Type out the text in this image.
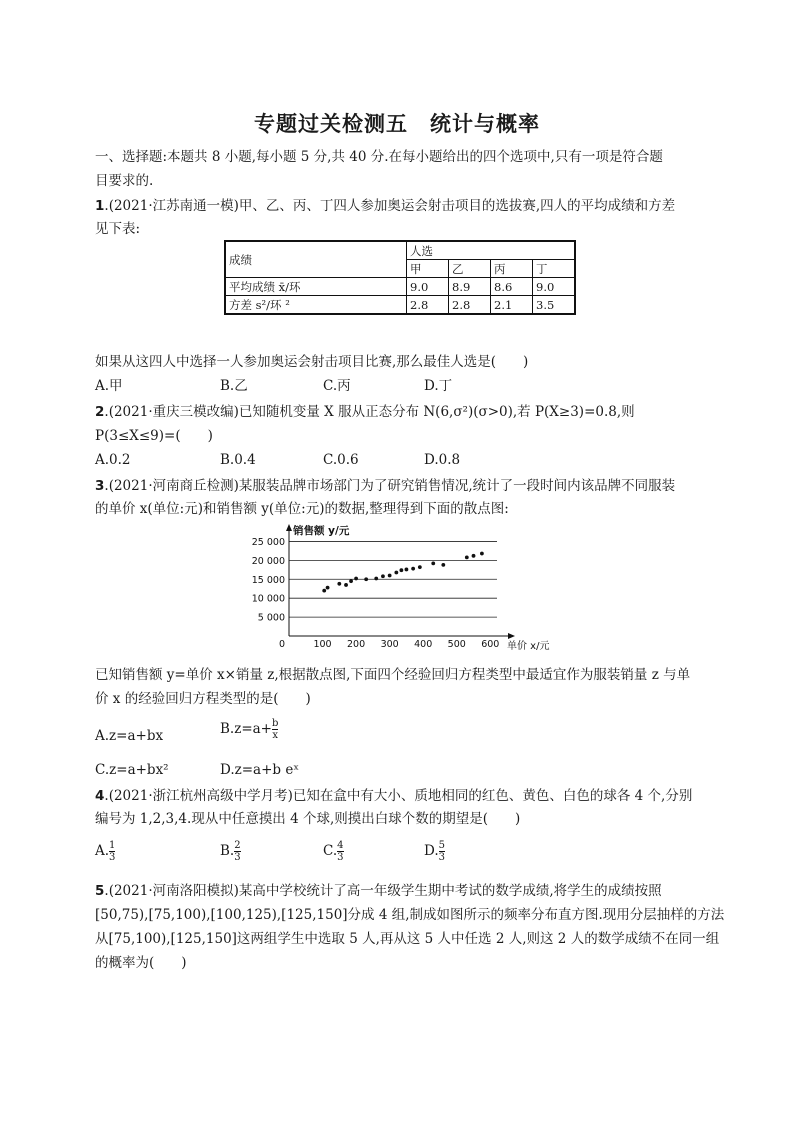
专题过关检测五　统计与概率
一、选择题:本题共 8 小题,每小题 5 分,共 40 分.在每小题给出的四个选项中,只有一项是符合题
目要求的.
1.(2021·江苏南通一模)甲、乙、丙、丁四人参加奥运会射击项目的选拔赛,四人的平均成绩和方差
见下表:
成绩	人选			
	甲	乙	丙	丁
平均成绩 x̄/环	9.0	8.9	8.6	9.0
方差 s²/环 ²	2.8	2.8	2.1	3.5
如果从这四人中选择一人参加奥运会射击项目比赛,那么最佳人选是(　　)
A.甲	B.乙	C.丙	D.丁
2.(2021·重庆三模改编)已知随机变量 X 服从正态分布 N(6,σ²)(σ>0),若 P(X≥3)=0.8,则
P(3≤X≤9)=(　　)
A.0.2	B.0.4	C.0.6	D.0.8
3.(2021·河南商丘检测)某服装品牌市场部门为了研究销售情况,统计了一段时间内该品牌不同服装
的单价 x(单位:元)和销售额 y(单位:元)的数据,整理得到下面的散点图:
5 000
10 000
15 000
20 000
25 000
0	100 200 300 400 500 600
销售额 y/元
单价 x/元
已知销售额 y=单价 x×销量 z,根据散点图,下面四个经验回归方程类型中最适宜作为服装销量 z 与单
价 x 的经验回归方程类型的是(　　)
A.z=a+bx	$B.z=a+ \frac{b}{x}$
C.z=a+bx²	D.z=a+b eˣ
4.(2021·浙江杭州高级中学月考)已知在盒中有大小、质地相同的红色、黄色、白色的球各 4 个,分别
编号为 1,2,3,4.现从中任意摸出 4 个球,则摸出白球个数的期望是(　　)
A. $\frac{1}{3}$	B. $\frac{2}{3}$	C. $\frac{4}{3}$	D. $\frac{5}{3}$
5.(2021·河南洛阳模拟)某高中学校统计了高一年级学生期中考试的数学成绩,将学生的成绩按照
[50,75),[75,100),[100,125),[125,150]分成 4 组,制成如图所示的频率分布直方图.现用分层抽样的方法
从[75,100),[125,150]这两组学生中选取 5 人,再从这 5 人中任选 2 人,则这 2 人的数学成绩不在同一组
的概率为(　　)
